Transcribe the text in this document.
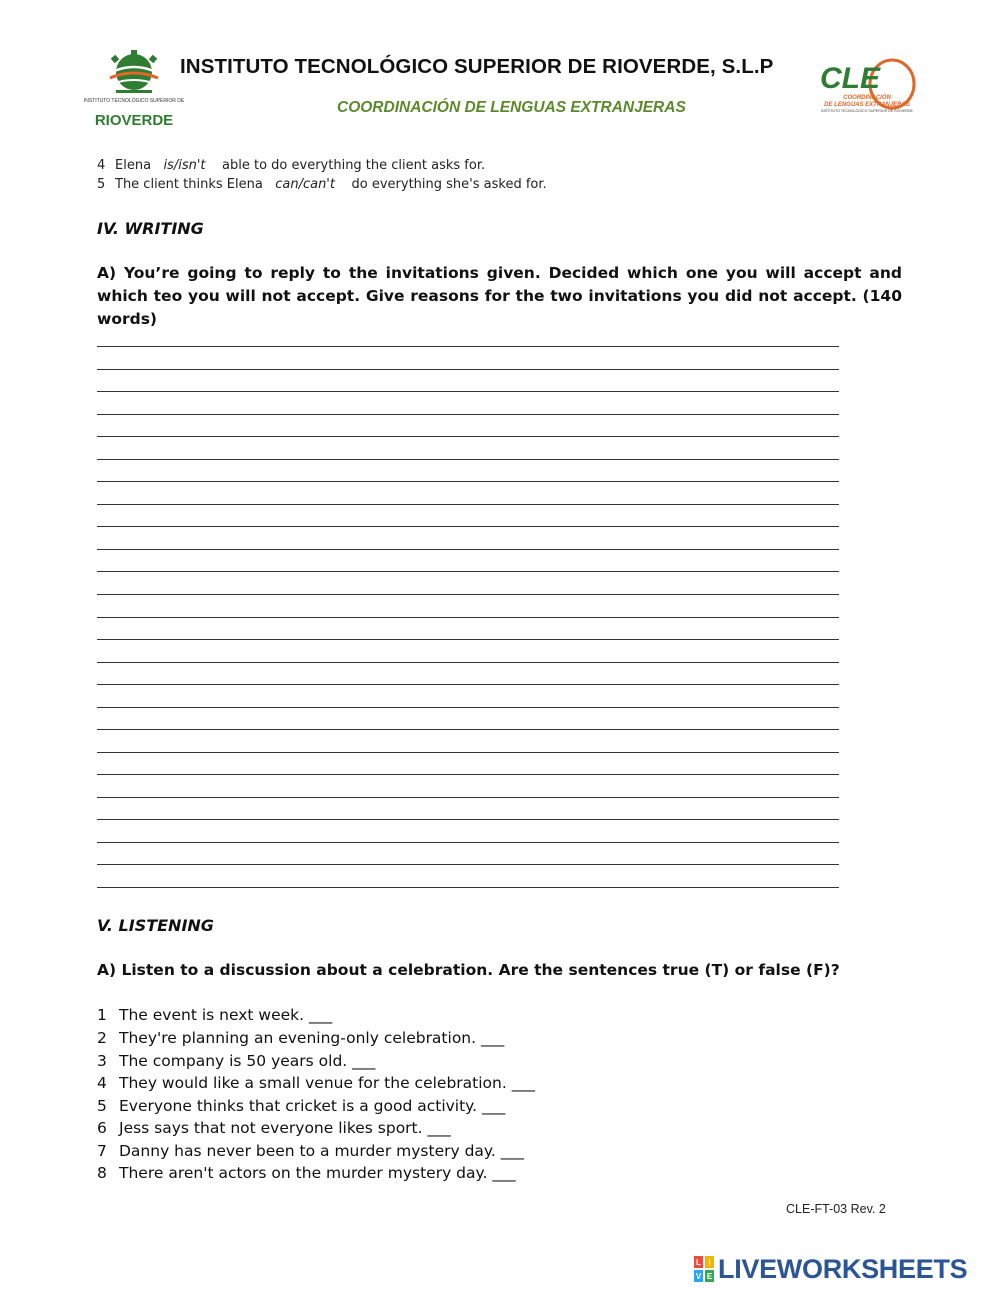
INSTITUTO TECNOLÓGICO SUPERIOR DE
RIOVERDE
INSTITUTO TECNOLÓGICO SUPERIOR DE RIOVERDE, S.L.P
COORDINACIÓN DE LENGUAS EXTRANJERAS
CLE
COORDINACIÓN
DE LENGUAS EXTRANJERAS
INSTITUTO TECNOLÓGICO SUPERIOR DE RIOVERDE
4 Elena is/isn't able to do everything the client asks for.
5 The client thinks Elena can/can't do everything she's asked for.
IV. WRITING
A) You’re going to reply to the invitations given. Decided which one you will accept and which teo you will not accept. Give reasons for the two invitations you did not accept. (140 words)
V. LISTENING
A) Listen to a discussion about a celebration. Are the sentences true (T) or false (F)?
1 The event is next week. ___
2 They're planning an evening-only celebration. ___
3 The company is 50 years old. ___
4 They would like a small venue for the celebration. ___
5 Everyone thinks that cricket is a good activity. ___
6 Jess says that not everyone likes sport. ___
7 Danny has never been to a murder mystery day. ___
8 There aren't actors on the murder mystery day. ___
CLE-FT-03 Rev. 2
L I
V E LIVEWORKSHEETS
